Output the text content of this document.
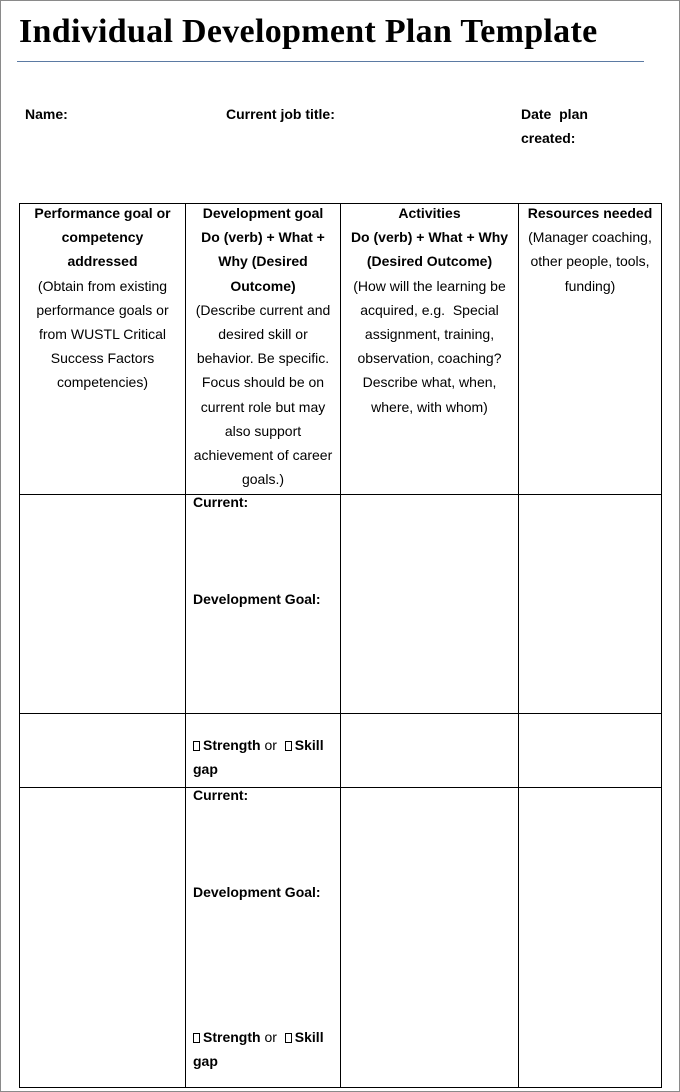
Individual Development Plan Template
Name:	Current job title:	Date  plan
created:
Performance goal or
competency
addressed
(Obtain from existing
performance goals or
from WUSTL Critical
Success Factors
competencies)
Development goal
Do (verb) + What +
Why (Desired
Outcome)
(Describe current and
desired skill or
behavior. Be specific.
Focus should be on
current role but may
also support
achievement of career
goals.)
Activities
Do (verb) + What + Why
(Desired Outcome)
(How will the learning be
acquired, e.g.  Special
assignment, training,
observation, coaching?
Describe what, when,
where, with whom)
Resources needed
(Manager coaching,
other people, tools,
funding)
Current:
Development Goal:
Strength or Skill
gap
Current:
Development Goal:
Strength or Skill
gap
